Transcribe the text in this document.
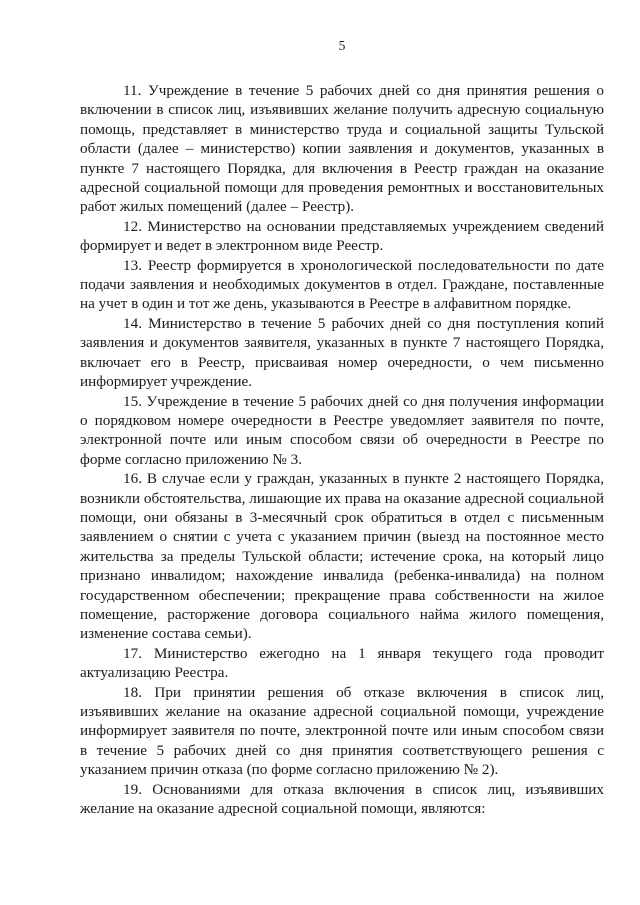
5

11. Учреждение в течение 5 рабочих дней со дня принятия решения о включении в список лиц, изъявивших желание получить адресную социальную помощь, представляет в министерство труда и социальной защиты Тульской области (далее – министерство) копии заявления и документов, указанных в пункте 7 настоящего Порядка, для включения в Реестр граждан на оказание адресной социальной помощи для проведения ремонтных и восстановительных работ жилых помещений (далее – Реестр).

12. Министерство на основании представляемых учреждением сведений формирует и ведет в электронном виде Реестр.

13. Реестр формируется в хронологической последовательности по дате подачи заявления и необходимых документов в отдел. Граждане, поставленные на учет в один и тот же день, указываются в Реестре в алфавитном порядке.

14. Министерство в течение 5 рабочих дней со дня поступления копий заявления и документов заявителя, указанных в пункте 7 настоящего Порядка, включает его в Реестр, присваивая номер очередности, о чем письменно информирует учреждение.

15. Учреждение в течение 5 рабочих дней со дня получения информации о порядковом номере очередности в Реестре уведомляет заявителя по почте, электронной почте или иным способом связи об очередности в Реестре по форме согласно приложению № 3.

16. В случае если у граждан, указанных в пункте 2 настоящего Порядка, возникли обстоятельства, лишающие их права на оказание адресной социальной помощи, они обязаны в 3-месячный срок обратиться в отдел с письменным заявлением о снятии с учета с указанием причин (выезд на постоянное место жительства за пределы Тульской области; истечение срока, на который лицо признано инвалидом; нахождение инвалида (ребенка-инвалида) на полном государственном обеспечении; прекращение права собственности на жилое помещение, расторжение договора социального найма жилого помещения, изменение состава семьи).

17. Министерство ежегодно на 1 января текущего года проводит актуализацию Реестра.

18. При принятии решения об отказе включения в список лиц, изъявивших желание на оказание адресной социальной помощи, учреждение информирует заявителя по почте, электронной почте или иным способом связи в течение 5 рабочих дней со дня принятия соответствующего решения с указанием причин отказа (по форме согласно приложению № 2).

19. Основаниями для отказа включения в список лиц, изъявивших желание на оказание адресной социальной помощи, являются:
